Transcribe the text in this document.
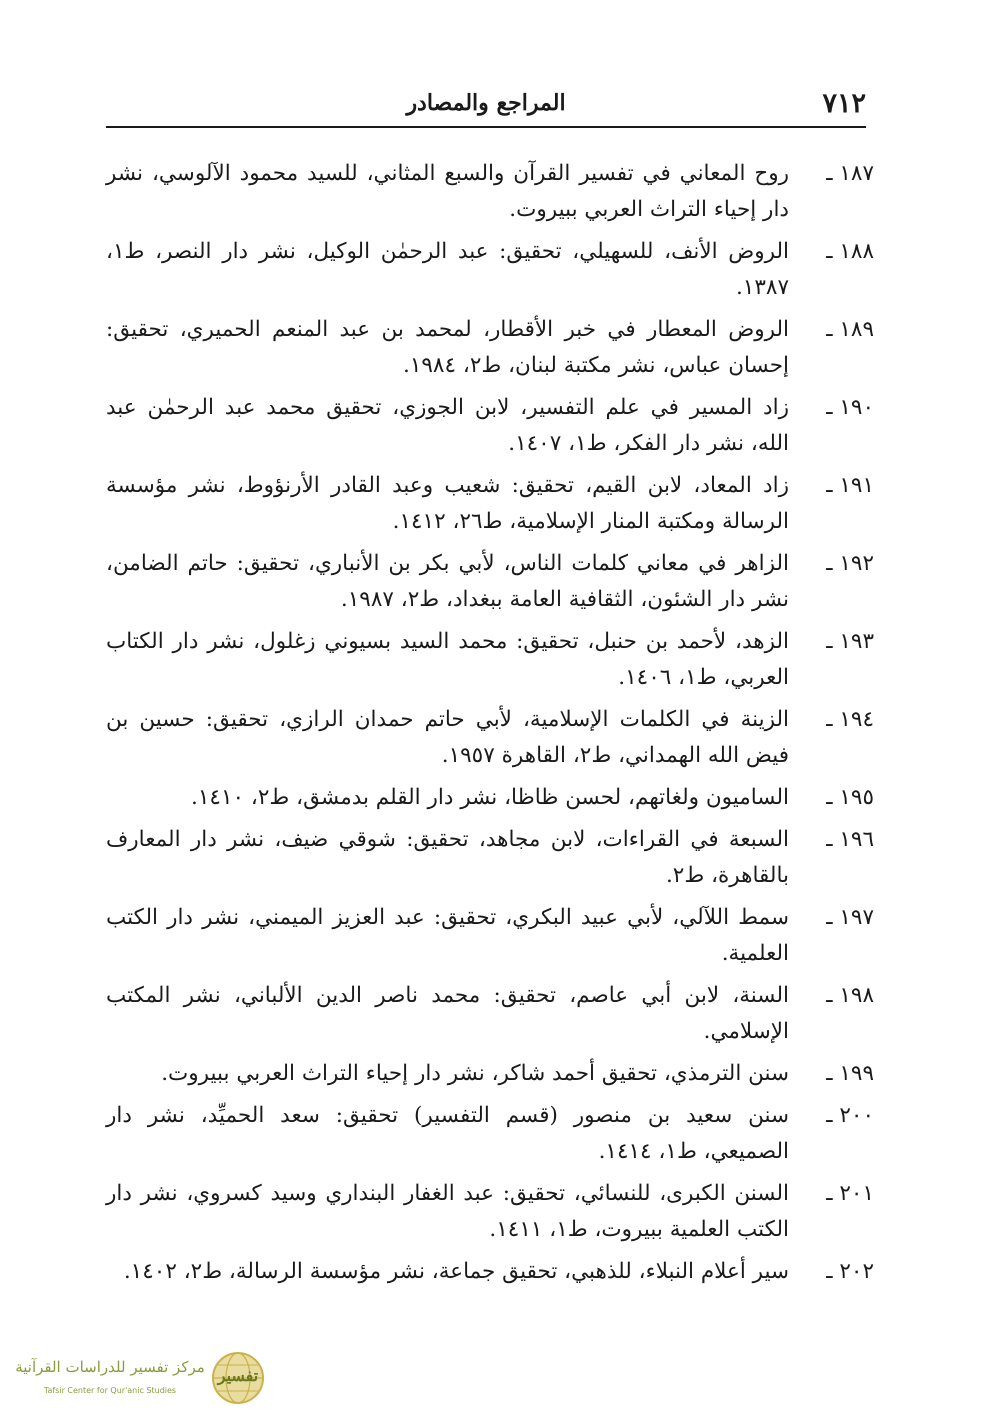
٧١٢
المراجع والمصادر
١٨٧ ـ
روح المعاني في تفسير القرآن والسبع المثاني، للسيد محمود الآلوسي، نشر دار إحياء التراث العربي ببيروت.
١٨٨ ـ
الروض الأنف، للسهيلي، تحقيق: عبد الرحمٰن الوكيل، نشر دار النصر، ط١، ١٣٨٧.
١٨٩ ـ
الروض المعطار في خبر الأقطار، لمحمد بن عبد المنعم الحميري، تحقيق: إحسان عباس، نشر مكتبة لبنان، ط٢، ١٩٨٤.
١٩٠ ـ
زاد المسير في علم التفسير، لابن الجوزي، تحقيق محمد عبد الرحمٰن عبد الله، نشر دار الفكر، ط١، ١٤٠٧.
١٩١ ـ
زاد المعاد، لابن القيم، تحقيق: شعيب وعبد القادر الأرنؤوط، نشر مؤسسة الرسالة ومكتبة المنار الإسلامية، ط٢٦، ١٤١٢.
١٩٢ ـ
الزاهر في معاني كلمات الناس، لأبي بكر بن الأنباري، تحقيق: حاتم الضامن، نشر دار الشئون، الثقافية العامة ببغداد، ط٢، ١٩٨٧.
١٩٣ ـ
الزهد، لأحمد بن حنبل، تحقيق: محمد السيد بسيوني زغلول، نشر دار الكتاب العربي، ط١، ١٤٠٦.
١٩٤ ـ
الزينة في الكلمات الإسلامية، لأبي حاتم حمدان الرازي، تحقيق: حسين بن فيض الله الهمداني، ط٢، القاهرة ١٩٥٧.
١٩٥ ـ
الساميون ولغاتهم، لحسن ظاظا، نشر دار القلم بدمشق، ط٢، ١٤١٠.
١٩٦ ـ
السبعة في القراءات، لابن مجاهد، تحقيق: شوقي ضيف، نشر دار المعارف بالقاهرة، ط٢.
١٩٧ ـ
سمط اللآلي، لأبي عبيد البكري، تحقيق: عبد العزيز الميمني، نشر دار الكتب العلمية.
١٩٨ ـ
السنة، لابن أبي عاصم، تحقيق: محمد ناصر الدين الألباني، نشر المكتب الإسلامي.
١٩٩ ـ
سنن الترمذي، تحقيق أحمد شاكر، نشر دار إحياء التراث العربي ببيروت.
٢٠٠ ـ
سنن سعيد بن منصور (قسم التفسير) تحقيق: سعد الحميِّد، نشر دار الصميعي، ط١، ١٤١٤.
٢٠١ ـ
السنن الكبرى، للنسائي، تحقيق: عبد الغفار البنداري وسيد كسروي، نشر دار الكتب العلمية ببيروت، ط١، ١٤١١.
٢٠٢ ـ
سير أعلام النبلاء، للذهبي، تحقيق جماعة، نشر مؤسسة الرسالة، ط٢، ١٤٠٢.
مركز تفسير للدراسات القرآنية
Tafsir Center for Qur'anic Studies
تفسير
